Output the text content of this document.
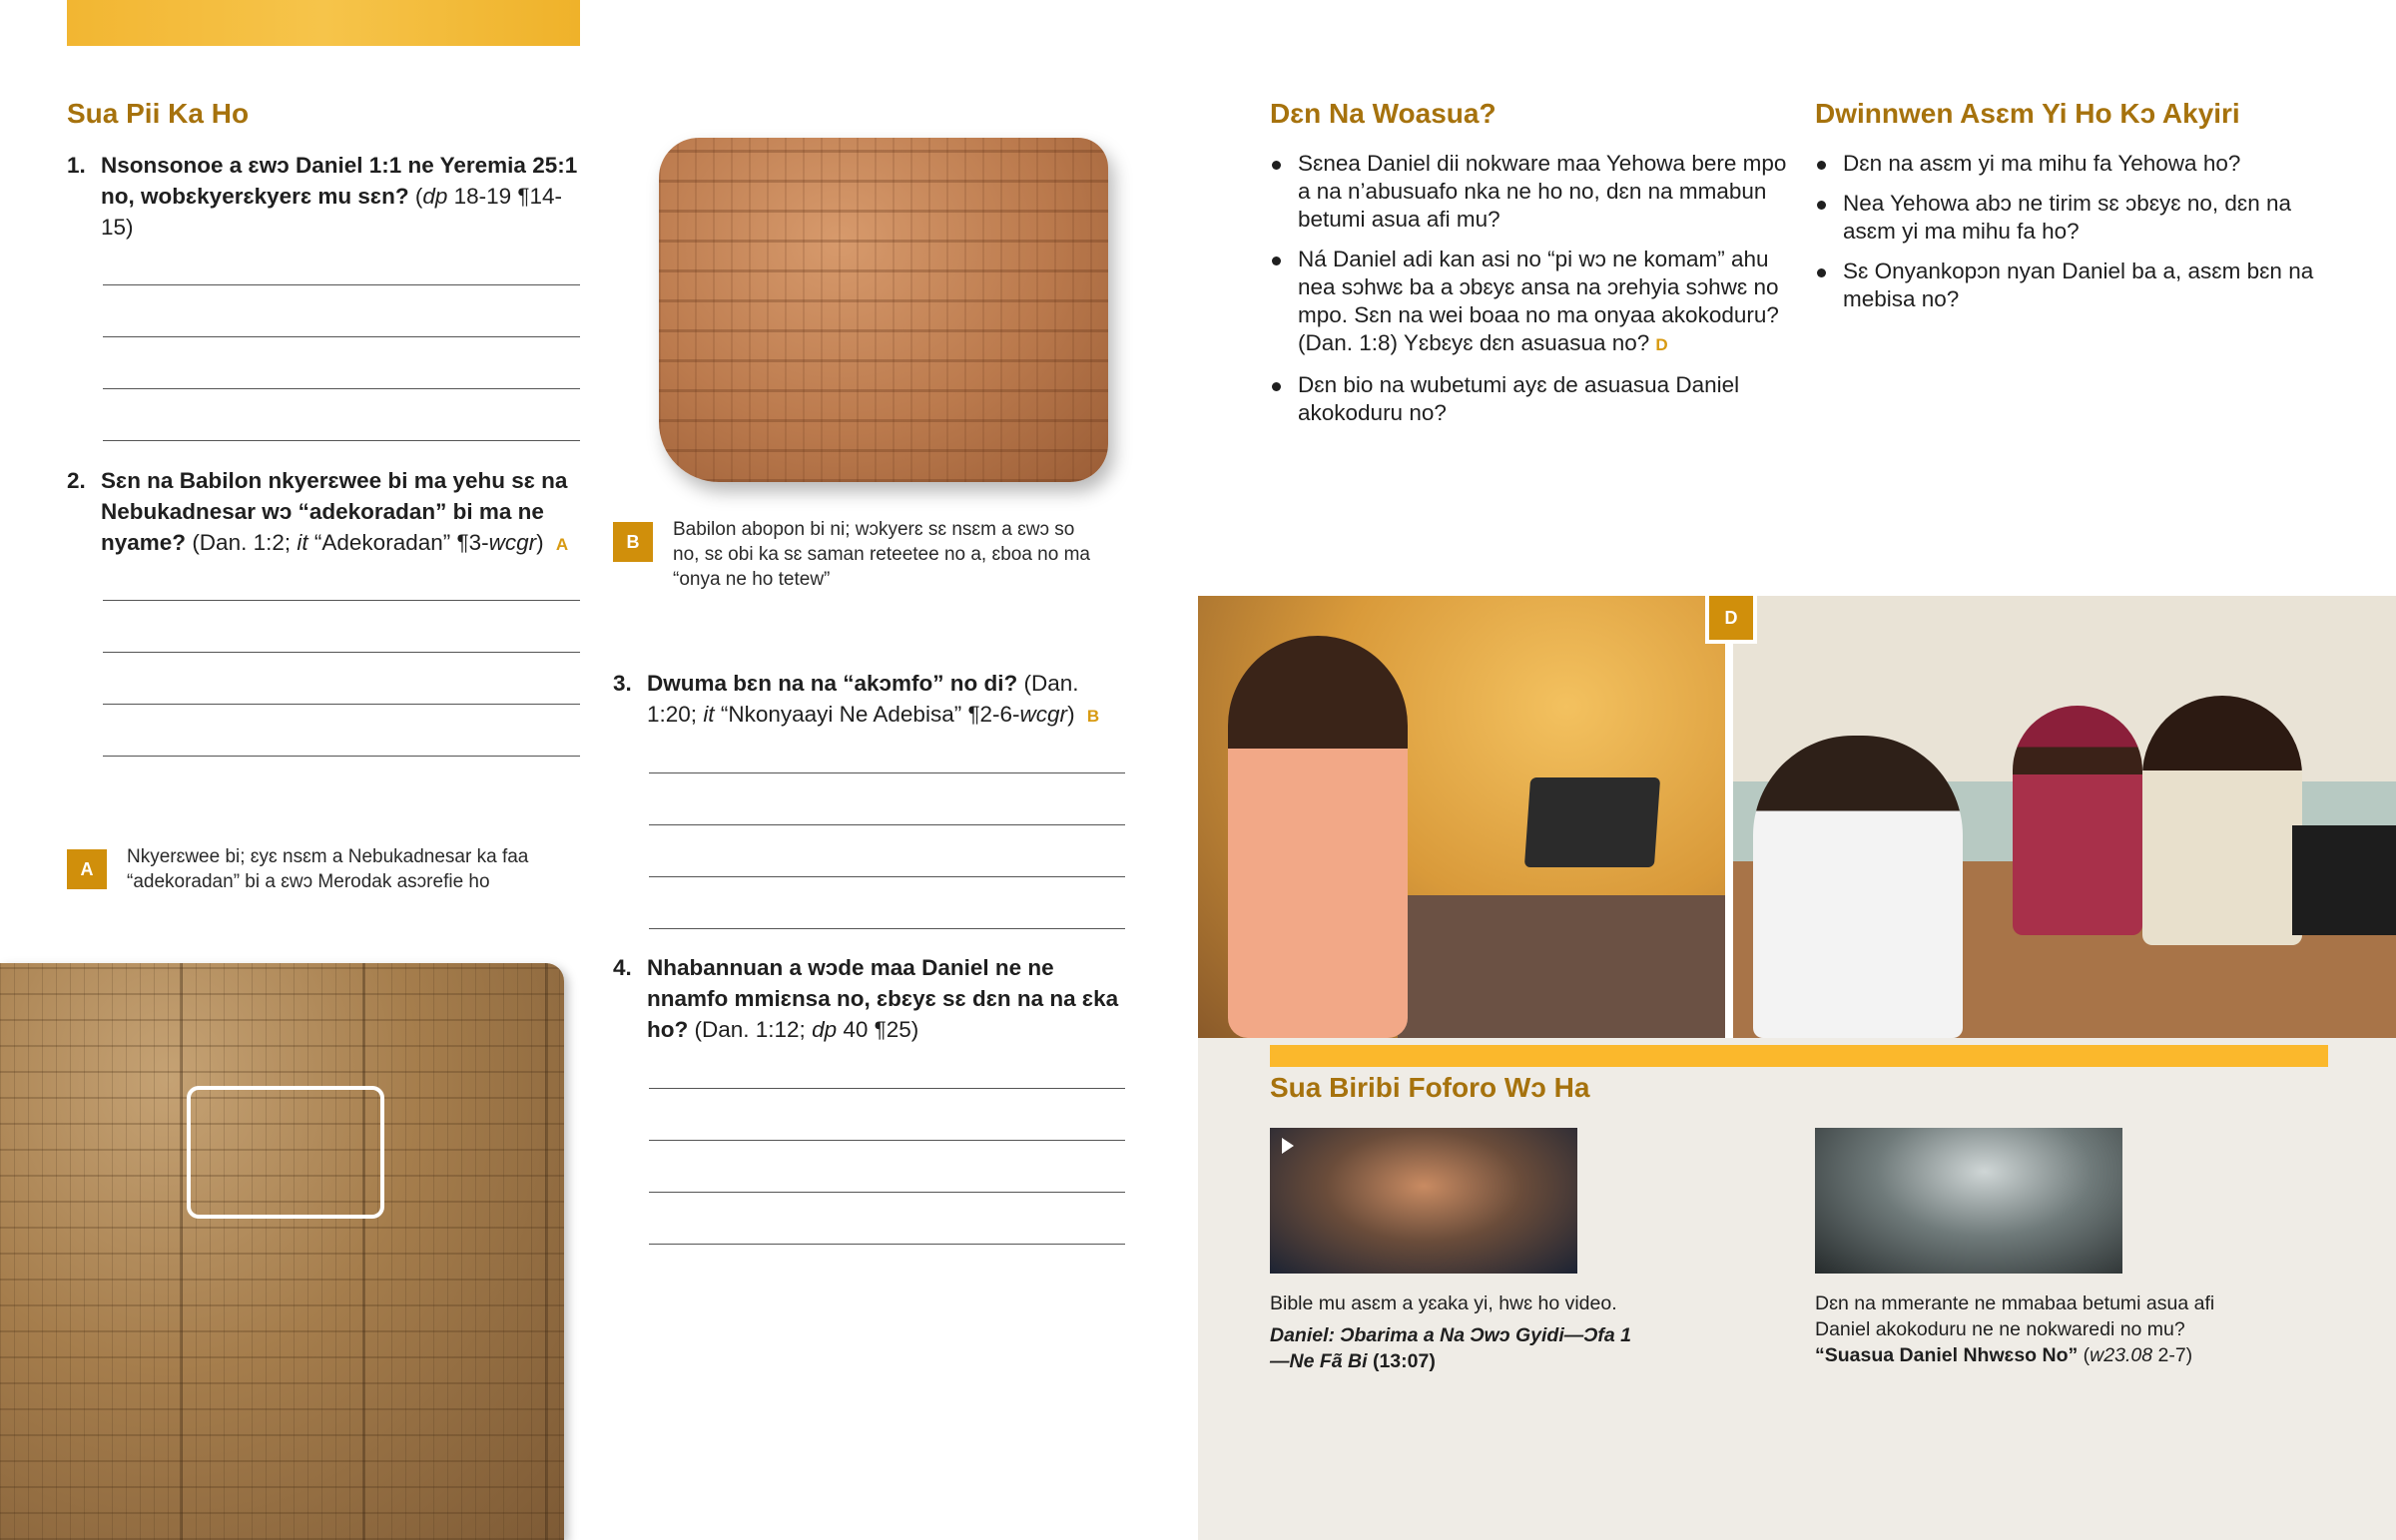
Sua Pii Ka Ho
1. Nsonsonoe a ɛwɔ Daniel 1:1 ne Yeremia 25:1 no, wobɛkyerɛkyerɛ mu sɛn? (dp 18-19 ¶14-15)
2. Sɛn na Babilon nkyerɛwee bi ma yehu sɛ na Nebukadnesar wɔ “adekoradan” bi ma ne nyame? (Dan. 1:2; it “Adekoradan” ¶3-wcgr) A
A
Nkyerɛwee bi; ɛyɛ nsɛm a Nebukadnesar ka faa “adekoradan” bi a ɛwɔ Merodak asɔrefie ho
B
Babilon abopon bi ni; wɔkyerɛ sɛ nsɛm a ɛwɔ so no, sɛ obi ka sɛ saman reteetee no a, ɛboa no ma “onya ne ho tetew”
3. Dwuma bɛn na na “akɔmfo” no di? (Dan. 1:20; it “Nkonyaayi Ne Adebisa” ¶2-6-wcgr) B
4. Nhabannuan a wɔde maa Daniel ne ne nnamfo mmiɛnsa no, ɛbɛyɛ sɛ dɛn na na ɛka ho? (Dan. 1:12; dp 40 ¶25)
Dɛn Na Woasua?
Sɛnea Daniel dii nokware maa Yehowa bere mpo a na n’abusuafo nka ne ho no, dɛn na mmabun betumi asua afi mu?
Ná Daniel adi kan asi no “pi wɔ ne komam” ahu nea sɔhwɛ ba a ɔbɛyɛ ansa na ɔrehyia sɔhwɛ no mpo. Sɛn na wei boaa no ma onyaa akokoduru? (Dan. 1:8) Yɛbɛyɛ dɛn asuasua no? D
Dɛn bio na wubetumi ayɛ de asuasua Daniel akokoduru no?
Dwinnwen Asɛm Yi Ho Kɔ Akyiri
Dɛn na asɛm yi ma mihu fa Yehowa ho?
Nea Yehowa abɔ ne tirim sɛ ɔbɛyɛ no, dɛn na asɛm yi ma mihu fa ho?
Sɛ Onyankopɔn nyan Daniel ba a, asɛm bɛn na mebisa no?
D
Sua Biribi Foforo Wɔ Ha
Bible mu asɛm a yɛaka yi, hwɛ ho video.
Daniel: Ɔbarima a Na Ɔwɔ Gyidi—Ɔfa 1 —Ne Fã Bi (13:07)
Dɛn na mmerante ne mmabaa betumi asua afi Daniel akokoduru ne ne nokwaredi no mu?
“Suasua Daniel Nhwɛso No” (w23.08 2-7)
